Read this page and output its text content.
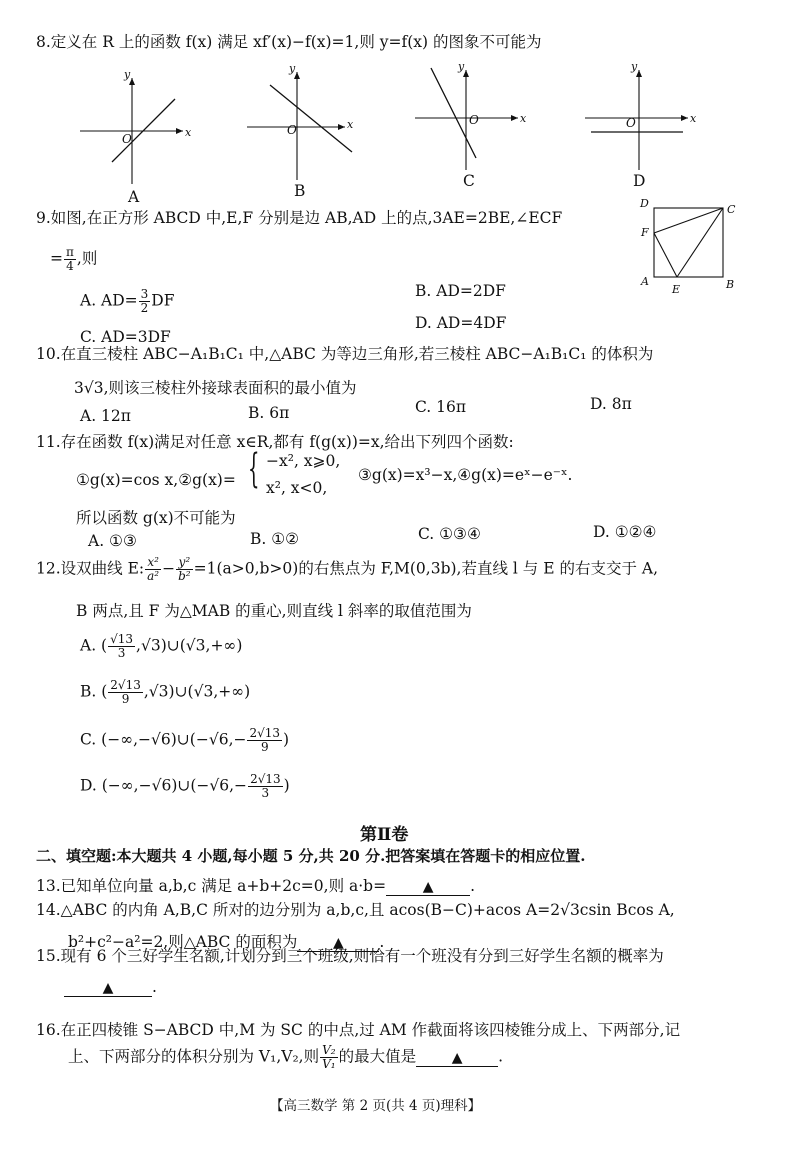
8.定义在 R 上的函数 f(x) 满足 xf′(x)−f(x)=1,则 y=f(x) 的图象不可能为
y
x
O
A
y
x
O
B
y
x
O
C
y
x
O
D
9.如图,在正方形 ABCD 中,E,F 分别是边 AB,AD 上的点,3AE=2BE,∠ECF
= $\frac{\pi}{4}$ ,则
A. $AD= \frac{3}{2}$ DF
B. AD=2DF
C. AD=3DF
D. AD=4DF
D	C
F
A
E	B
10.在直三棱柱 ABC−A₁B₁C₁ 中,△ABC 为等边三角形,若三棱柱 ABC−A₁B₁C₁ 的体积为
3√3,则该三棱柱外接球表面积的最小值为
A. 12π	B. 6π	C. 16π	D. 8π
11.存在函数 f(x)满足对任意 x∈R,都有 f(g(x))=x,给出下列四个函数:
①g(x)=cos x,②g(x)= { −x², x⩾0,
x², x<0,
③g(x)=x³−x,④g(x)=eˣ−e⁻ˣ.
所以函数 g(x)不可能为
A. ①③	B. ①②	C. ①③④	D. ①②④
12.设双曲线 E: $\frac{\text{x²}}{\text{a²}} - \frac{\text{y²}}{\text{b²}} =1(a>0,b>0)$的右焦点为 F,M(0,3b),若直线 l 与 E 的右支交于 A,
B 两点,且 F 为△MAB 的重心,则直线 l 斜率的取值范围为
A. ( $\frac{√13}{3}$ ,√3)∪(√3,+∞)
B. ( $\frac{2√13}{9}$ ,√3)∪(√3,+∞)
C. (−∞,−√6)∪(−√6,− $\frac{2√13}{9}$ )
D. (−∞,−√6)∪(−√6,− $\frac{2√13}{3}$ )
第Ⅱ卷
二、填空题:本大题共 4 小题,每小题 5 分,共 20 分.把答案填在答题卡的相应位置.
13.已知单位向量 a,b,c 满足 a+b+2c=0,则 a·b=	▲ .
14.△ABC 的内角 A,B,C 所对的边分别为 a,b,c,且 acos(B−C)+acos A=2√3csin Bcos A,
b²+c²−a²=2,则△ABC 的面积为	▲ .
15.现有 6 个三好学生名额,计划分到三个班级,则恰有一个班没有分到三好学生名额的概率为
▲ .
16.在正四棱锥 S−ABCD 中,M 为 SC 的中点,过 AM 作截面将该四棱锥分成上、下两部分,记
上、下两部分的体积分别为 V₁,V₂,则 $\frac{\text{V₂}}{\text{V₁}}$ 的最大值是	▲ .
【高三数学 第 2 页(共 4 页)理科】
